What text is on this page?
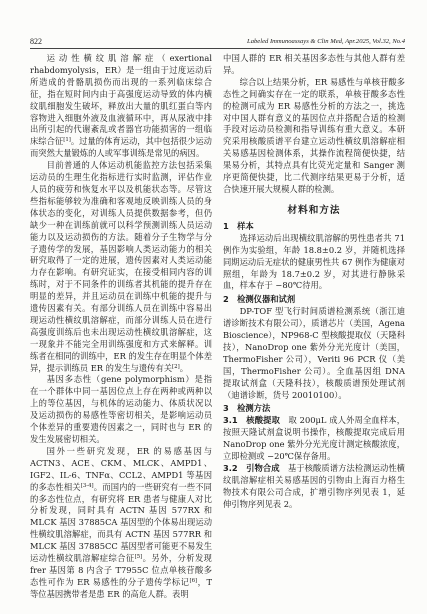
822	Labeled Immunoassays & Clin Med, Apr.2025, Vol.32, No.4

运动性横纹肌溶解症（exertional rhabdomyolysis，ER）是一组由于过度运动后所造成的骨骼肌损伤而出现的一系列临床综合征，指在短时间内由于高强度运动导致的体内横纹肌细胞发生破坏，释放出大量的肌红蛋白等内容物进入细胞外液及血液循环中，再从尿液中排出所引起的代谢紊乱或者器官功能损害的一组临床综合征[1]。过量的体育运动，其中包括很少运动而突然大量锻炼的人或军事训练是常见的病因。

目前普通的人体运动机能监控方法包括采集运动员的生理生化指标进行实时监测，评估作业人员的疲劳和恢复水平以及机能状态等。尽管这些指标能够较为准确和客观地反映训练人员的身体状态的变化，对训练人员提供数据参考，但仍缺少一种在训练前就可以科学预测训练人员运动能力以及运动损伤的方法。随着分子生物学与分子遗传学的发展，基因影响人类运动能力的相关研究取得了一定的进展，遗传因素对人类运动能力存在影响。有研究证实，在接受相同内容的训练时，对于不同条件的训练者其机能的提升存在明显的差异，并且运动员在训练中机能的提升与遗传因素有关。有部分训练人员在训练中容易出现运动性横纹肌溶解症，而部分训练人员在进行高强度训练后也未出现运动性横纹肌溶解症，这一现象并不能完全用训练强度和方式来解释。训练者在相同的训练中，ER 的发生存在明显个体差异，提示训练员 ER 的发生与遗传有关[2]。

基因多态性（gene polymorphism）是指在一个群体中同一基因位点上存在两种或两种以上的等位基因，与机体的运动能力、体质状况以及运动损伤的易感性等密切相关，是影响运动员个体差异的重要遗传因素之一，同时也与 ER 的发生发展密切相关。

国外一些研究发现，ER 的易感基因与 ACTN3、ACE、CKM、MLCK、AMPD1、IGF2、IL-6、TNFα、CCL2、AMPD1 等基因的多态性相关[3-4]。而国内的一些研究有一些不同的多态性位点，有研究将 ER 患者与健康人对比分析发现，同时具有 ACTN 基因 577RX 和 MLCK 基因 37885CA 基因型的个体易出现运动性横纹肌溶解症，而具有 ACTN 基因 577RR 和 MLCK 基因 37885CC 基因型者可能更不易发生运动性横纹肌溶解症综合征[5]。另外，分析发现 frer 基因第 8 内含子 T7955C 位点单核苷酸多态性可作为 ER 易感性的分子遗传学标记[6]，T 等位基因携带者是患 ER 的高危人群。表明

中国人群的 ER 相关基因多态性与其他人群有差异。

综合以上结果分析，ER 易感性与单核苷酸多态性之间确实存在一定的联系，单核苷酸多态性的检测可成为 ER 易感性分析的方法之一，挑选对中国人群有意义的基因位点并搭配合适的检测手段对运动员检测和指导训练有重大意义。本研究采用核酸质谱平台建立运动性横纹肌溶解症相关易感基因检测体系，其操作流程简便快捷，结果易分析，其特点具有比荧光定量和 Sanger 测序更简便快捷，比二代测序结果更易于分析，适合快速开展大规模人群的检测。

材料和方法
1　样本

选择运动后出现横纹肌溶解的男性患者共 71 例作为实验组，年龄 18.8±0.2 岁，并随机选择同期运动后无症状的健康男性共 67 例作为健康对照组，年龄为 18.7±0.2 岁，对其进行静脉采血，样本存于 −80℃待用。

2　检测仪器和试剂

DP-TOF 型飞行时间质谱检测系统（浙江迪谱诊断技术有限公司），质谱芯片（美国，Agena Bioscience），NP968-C 型核酸提取仪（天隆科技），NanoDrop one 紫外分光光度计（美国，ThermoFisher 公司），Veriti 96 PCR 仪（美国，ThermoFisher 公司）。全血基因组 DNA 提取试剂盒（天隆科技），核酸质谱预处理试剂（迪谱诊断，货号 20010100）。

3　检测方法

3.1　核酸提取　取 200μL 成人外周全血样本，按照天隆试剂盒说明书操作，核酸提取完成后用 NanoDrop one 紫外分光光度计测定核酸浓度，立即检测或 −20℃保存备用。

3.2　引物合成　基于核酸质谱方法检测运动性横纹肌溶解症相关易感基因的引物由上海百力格生物技术有限公司合成，扩增引物序列见表 1，延伸引物序列见表 2。
